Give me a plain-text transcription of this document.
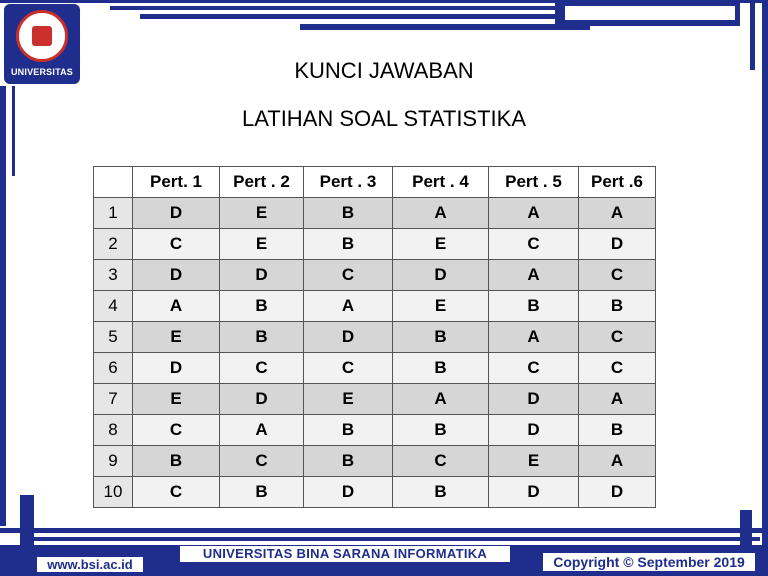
UNIVERSITAS	KUNCI JAWABAN
LATIHAN SOAL STATISTIKA
	Pert. 1	Pert . 2	Pert . 3	Pert . 4	Pert . 5	Pert .6
1	D	E	B	A	A	A
2	C	E	B	E	C	D
3	D	D	C	D	A	C
4	A	B	A	E	B	B
5	E	B	D	B	A	C
6	D	C	C	B	C	C
7	E	D	E	A	D	A
8	C	A	B	B	D	B
9	B	C	B	C	E	A
10	C	B	D	B	D	D
www.bsi.ac.id
UNIVERSITAS BINA SARANA INFORMATIKA
Copyright © September 2019
